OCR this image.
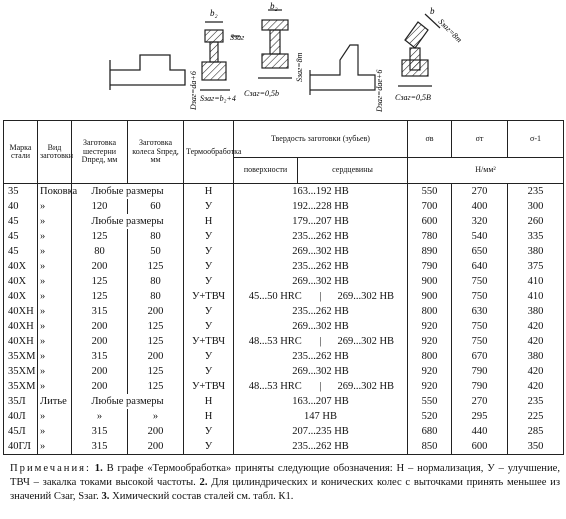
b₂
Sзаг
Dзаг=dа+6 Sзаг=b₂+4
b₂
Sзаг=8m
Сзаг=0,5b	Dзаг=dае+6 Сзаг=0,5В
b
Sзаг=8m
Сзаг=0,5B
Марка стали	Вид заготовки	Заготовка шестерни Dпред, мм	Заготовка колеса Sпред, мм	Термообработка	Твердость заготовки (зубьев)		σв	σт	σ-1
					поверхности	сердцевины	Н/мм²		
35	Поковка	Любые размеры		Н	163...192 HB		550	270	235
40	»	120	60	У	192...228 HB		700	400	300
45	»	Любые размеры		Н	179...207 HB		600	320	260
45	»	125	80	У	235...262 HB		780	540	335
45	»	80	50	У	269...302 HB		890	650	380
40Х	»	200	125	У	235...262 HB		790	640	375
40Х	»	125	80	У	269...302 HB		900	750	410
40Х	»	125	80	У+ТВЧ	45...50 HRC | 269...302 HB		900	750	410
40ХН	»	315	200	У	235...262 HB		800	630	380
40ХН	»	200	125	У	269...302 HB		920	750	420
40ХН	»	200	125	У+ТВЧ	48...53 HRC | 269...302 HB		920	750	420
35ХМ	»	315	200	У	235...262 HB		800	670	380
35ХМ	»	200	125	У	269...302 HB		920	790	420
35ХМ	»	200	125	У+ТВЧ	48...53 HRC | 269...302 HB		920	790	420
35Л	Литье	Любые размеры		Н	163...207 HB		550	270	235
40Л	»	»	»	Н	147 HB		520	295	225
45Л	»	315	200	У	207...235 HB		680	440	285
40ГЛ	»	315	200	У	235...262 HB		850	600	350
Примечания: 1. В графе «Термообработка» приняты следующие обозначения: Н – нормализация, У – улучшение, ТВЧ – закалка токами высокой частоты. 2. Для цилиндрических и конических колес с выточками принять меньшее из значений Сзаг, Sзаг. 3. Химический состав сталей см. табл. К1.
